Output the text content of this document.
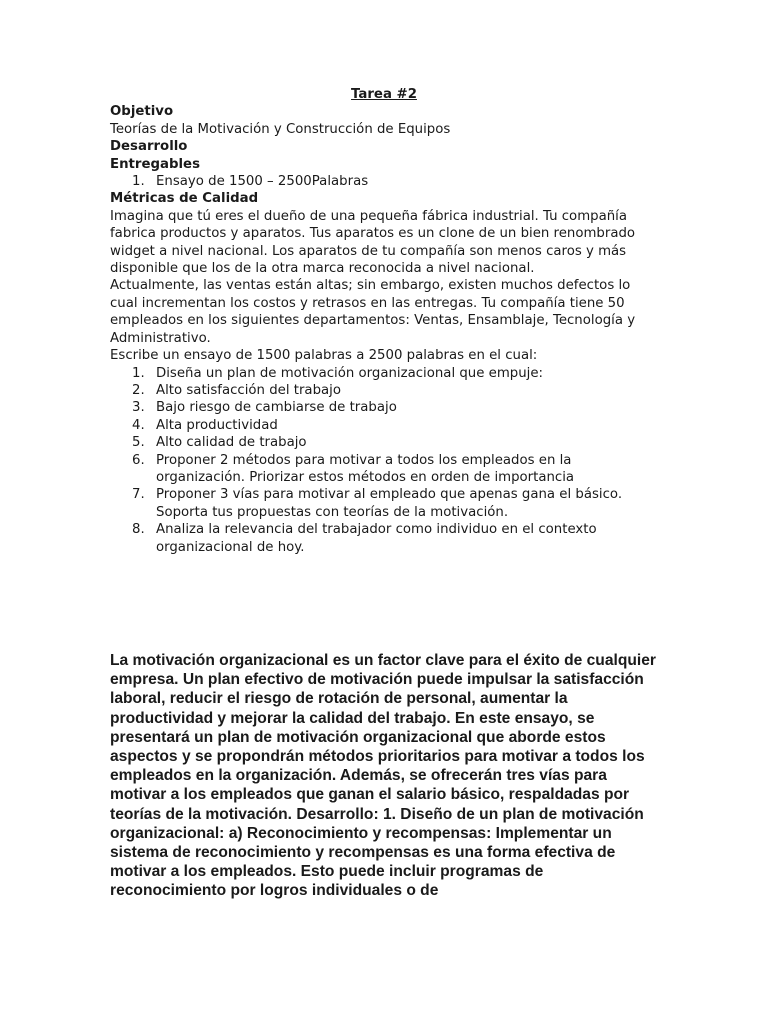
Tarea #2

Objetivo

Teorías de la Motivación y Construcción de Equipos

Desarrollo

Entregables

1. Ensayo de 1500 – 2500Palabras

Métricas de Calidad

Imagina que tú eres el dueño de una pequeña fábrica industrial. Tu compañía fabrica productos y aparatos. Tus aparatos es un clone de un bien renombrado widget a nivel nacional. Los aparatos de tu compañía son menos caros y más disponible que los de la otra marca reconocida a nivel nacional.

Actualmente, las ventas están altas; sin embargo, existen muchos defectos lo cual incrementan los costos y retrasos en las entregas. Tu compañía tiene 50 empleados en los siguientes departamentos: Ventas, Ensamblaje, Tecnología y Administrativo.

Escribe un ensayo de 1500 palabras a 2500 palabras en el cual:

1. Diseña un plan de motivación organizacional que empuje:
2. Alto satisfacción del trabajo
3. Bajo riesgo de cambiarse de trabajo
4. Alta productividad
5. Alto calidad de trabajo
6. Proponer 2 métodos para motivar a todos los empleados en la organización. Priorizar estos métodos en orden de importancia
7. Proponer 3 vías para motivar al empleado que apenas gana el básico. Soporta tus propuestas con teorías de la motivación.
8. Analiza la relevancia del trabajador como individuo en el contexto organizacional de hoy.

La motivación organizacional es un factor clave para el éxito de cualquier empresa. Un plan efectivo de motivación puede impulsar la satisfacción laboral, reducir el riesgo de rotación de personal, aumentar la productividad y mejorar la calidad del trabajo. En este ensayo, se presentará un plan de motivación organizacional que aborde estos aspectos y se propondrán métodos prioritarios para motivar a todos los empleados en la organización. Además, se ofrecerán tres vías para motivar a los empleados que ganan el salario básico, respaldadas por teorías de la motivación. Desarrollo: 1. Diseño de un plan de motivación organizacional: a) Reconocimiento y recompensas: Implementar un sistema de reconocimiento y recompensas es una forma efectiva de motivar a los empleados. Esto puede incluir programas de reconocimiento por logros individuales o de
